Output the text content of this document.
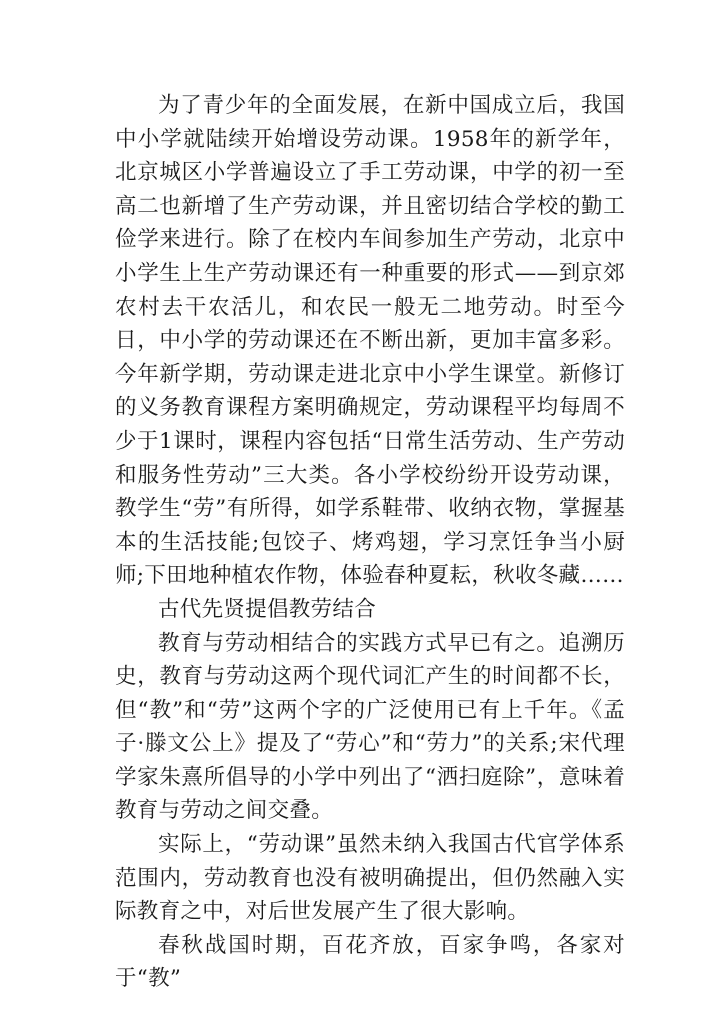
为了青少年的全面发展，在新中国成立后，我国中小学就陆续开始增设劳动课。1958年的新学年，北京城区小学普遍设立了手工劳动课，中学的初一至高二也新增了生产劳动课，并且密切结合学校的勤工俭学来进行。除了在校内车间参加生产劳动，北京中小学生上生产劳动课还有一种重要的形式——到京郊农村去干农活儿，和农民一般无二地劳动。时至今日，中小学的劳动课还在不断出新，更加丰富多彩。今年新学期，劳动课走进北京中小学生课堂。新修订的义务教育课程方案明确规定，劳动课程平均每周不少于1课时，课程内容包括“日常生活劳动、生产劳动和服务性劳动”三大类。各小学校纷纷开设劳动课，教学生“劳”有所得，如学系鞋带、收纳衣物，掌握基本的生活技能;包饺子、烤鸡翅，学习烹饪争当小厨师;下田地种植农作物，体验春种夏耘，秋收冬藏……

古代先贤提倡教劳结合

教育与劳动相结合的实践方式早已有之。追溯历史，教育与劳动这两个现代词汇产生的时间都不长，但“教”和“劳”这两个字的广泛使用已有上千年。《孟子·滕文公上》提及了“劳心”和“劳力”的关系;宋代理学家朱熹所倡导的小学中列出了“洒扫庭除”，意味着教育与劳动之间交叠。

实际上，“劳动课”虽然未纳入我国古代官学体系范围内，劳动教育也没有被明确提出，但仍然融入实际教育之中，对后世发展产生了很大影响。

春秋战国时期，百花齐放，百家争鸣，各家对于“教”
